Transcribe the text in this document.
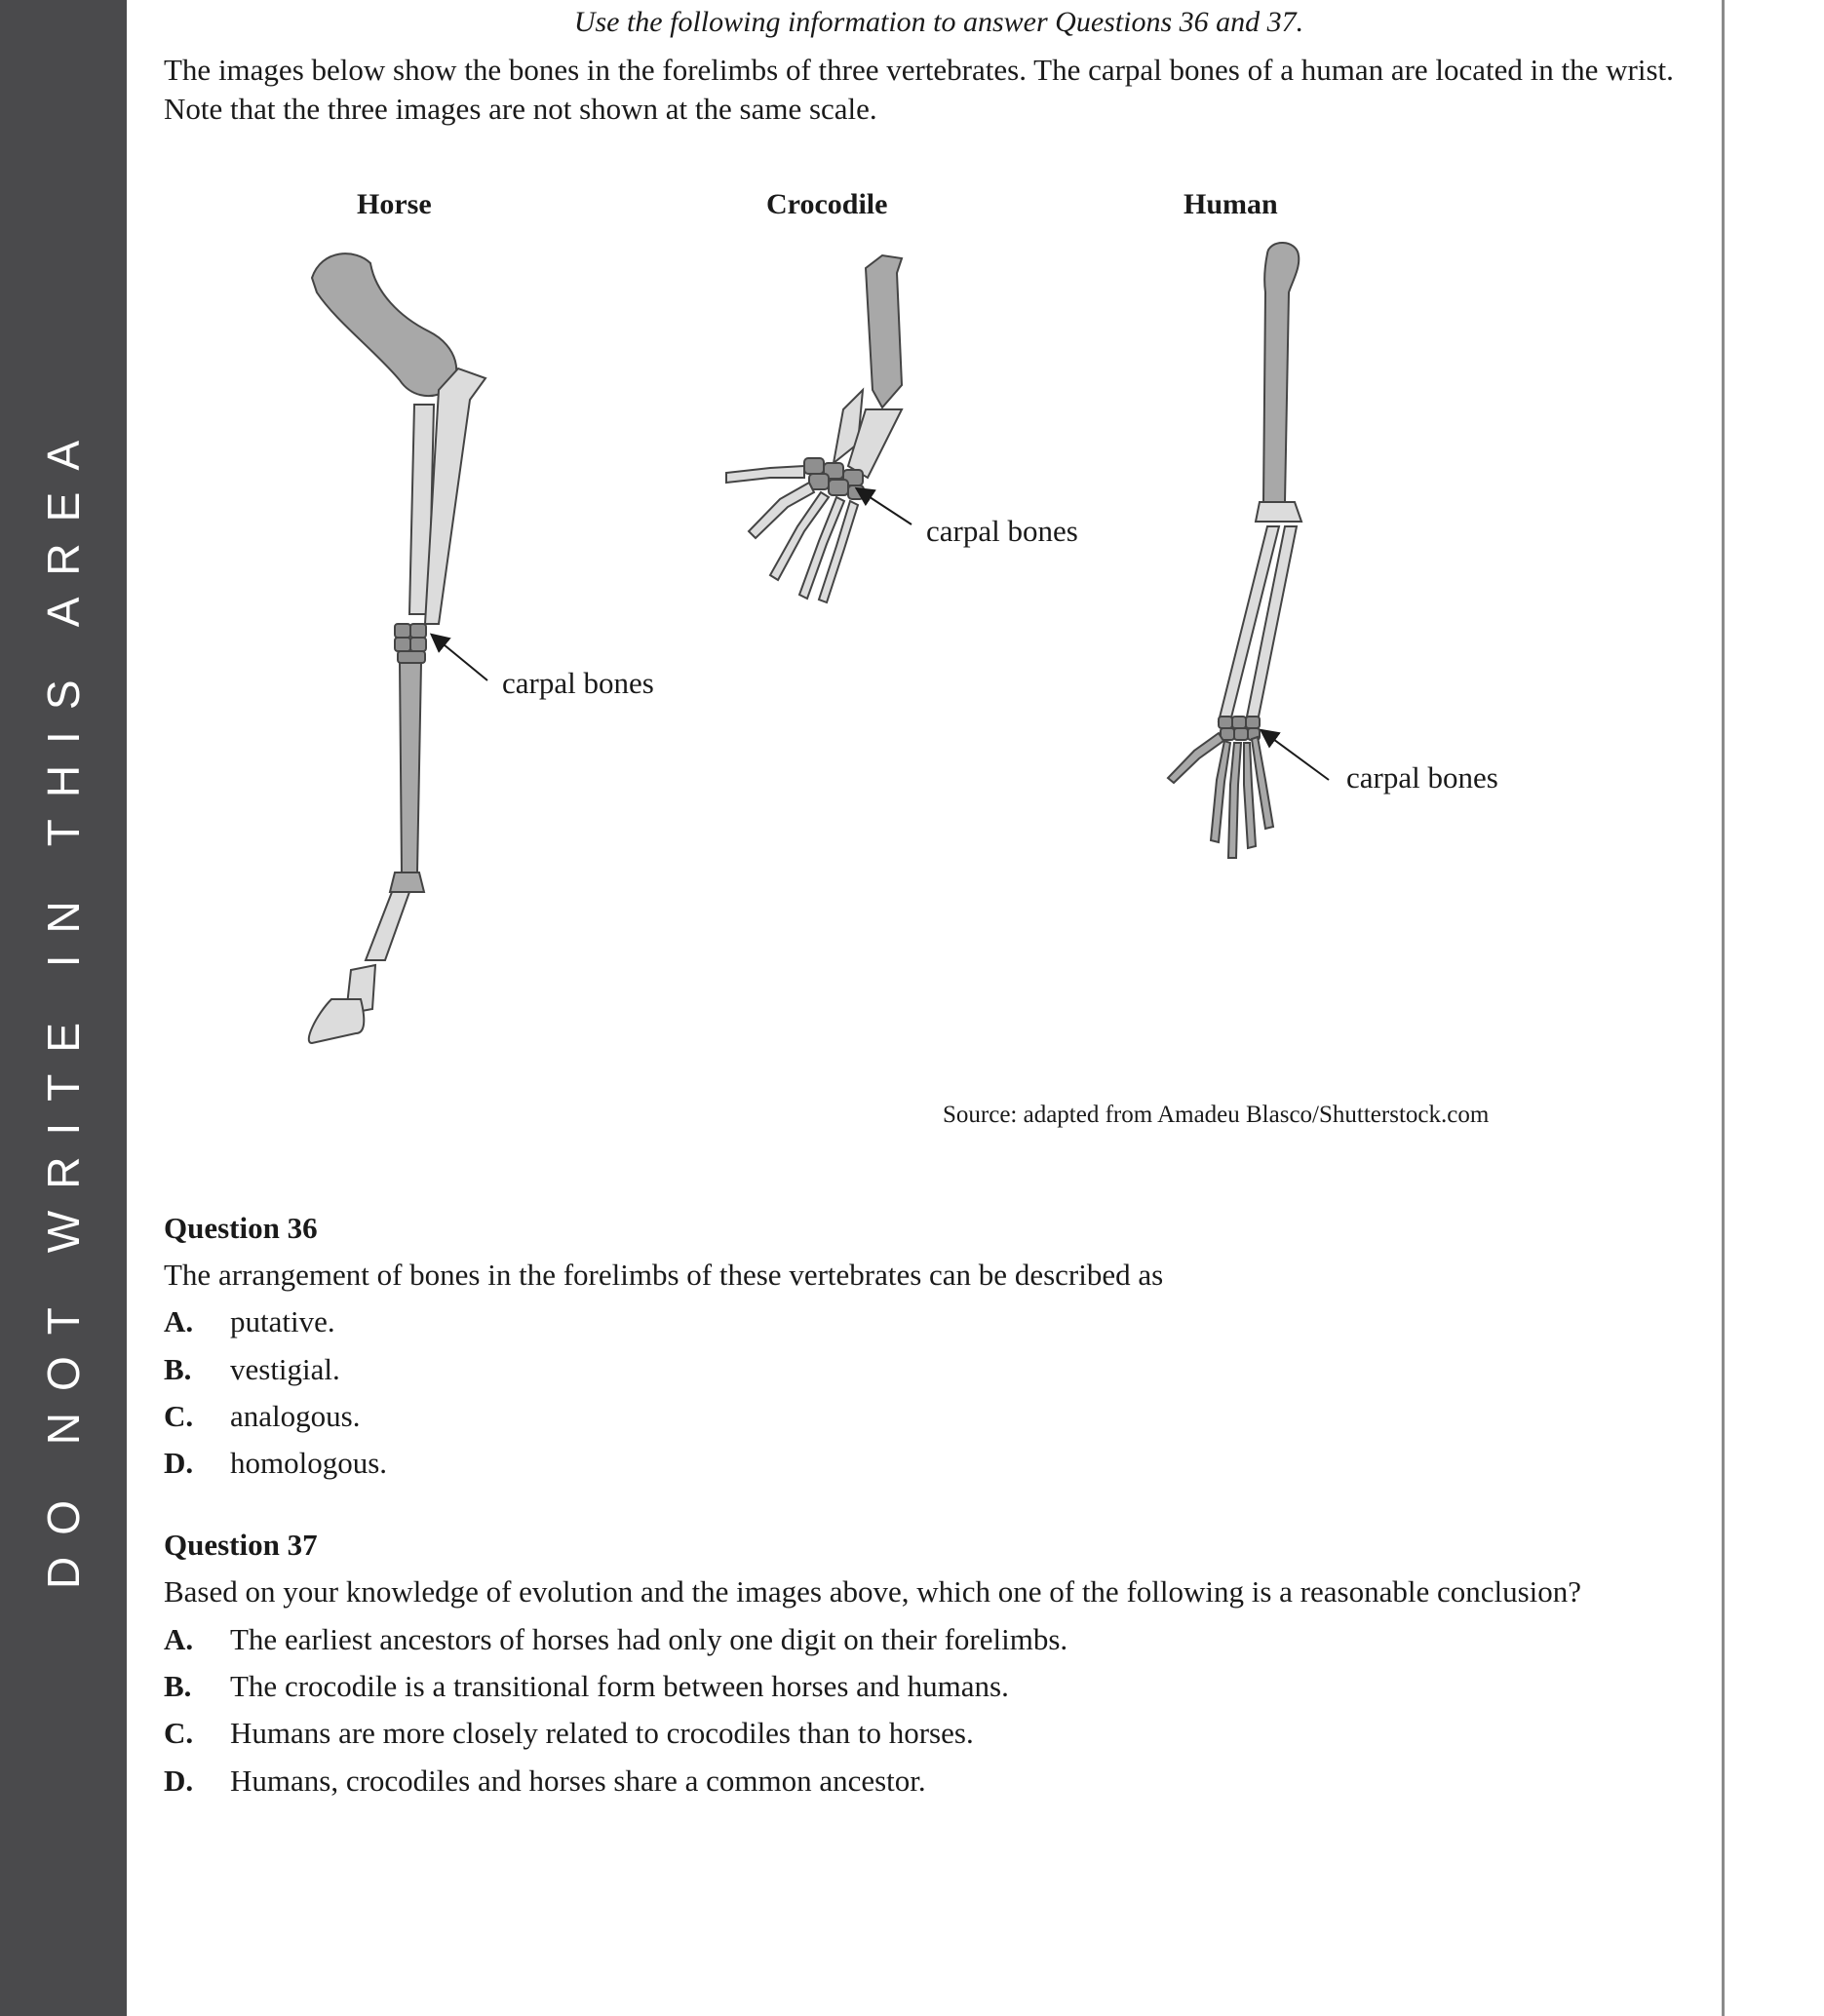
DO NOT WRITE IN THIS AREA
Use the following information to answer Questions 36 and 37.
The images below show the bones in the forelimbs of three vertebrates. The carpal bones of a human are located in the wrist. Note that the three images are not shown at the same scale.
Horse	Crocodile	Human
carpal bones
carpal bones
carpal bones
Source: adapted from Amadeu Blasco/Shutterstock.com
Question 36
The arrangement of bones in the forelimbs of these vertebrates can be described as
A. putative.
B. vestigial.
C. analogous.
D. homologous.
Question 37
Based on your knowledge of evolution and the images above, which one of the following is a reasonable conclusion?
A. The earliest ancestors of horses had only one digit on their forelimbs.
B. The crocodile is a transitional form between horses and humans.
C. Humans are more closely related to crocodiles than to horses.
D. Humans, crocodiles and horses share a common ancestor.
